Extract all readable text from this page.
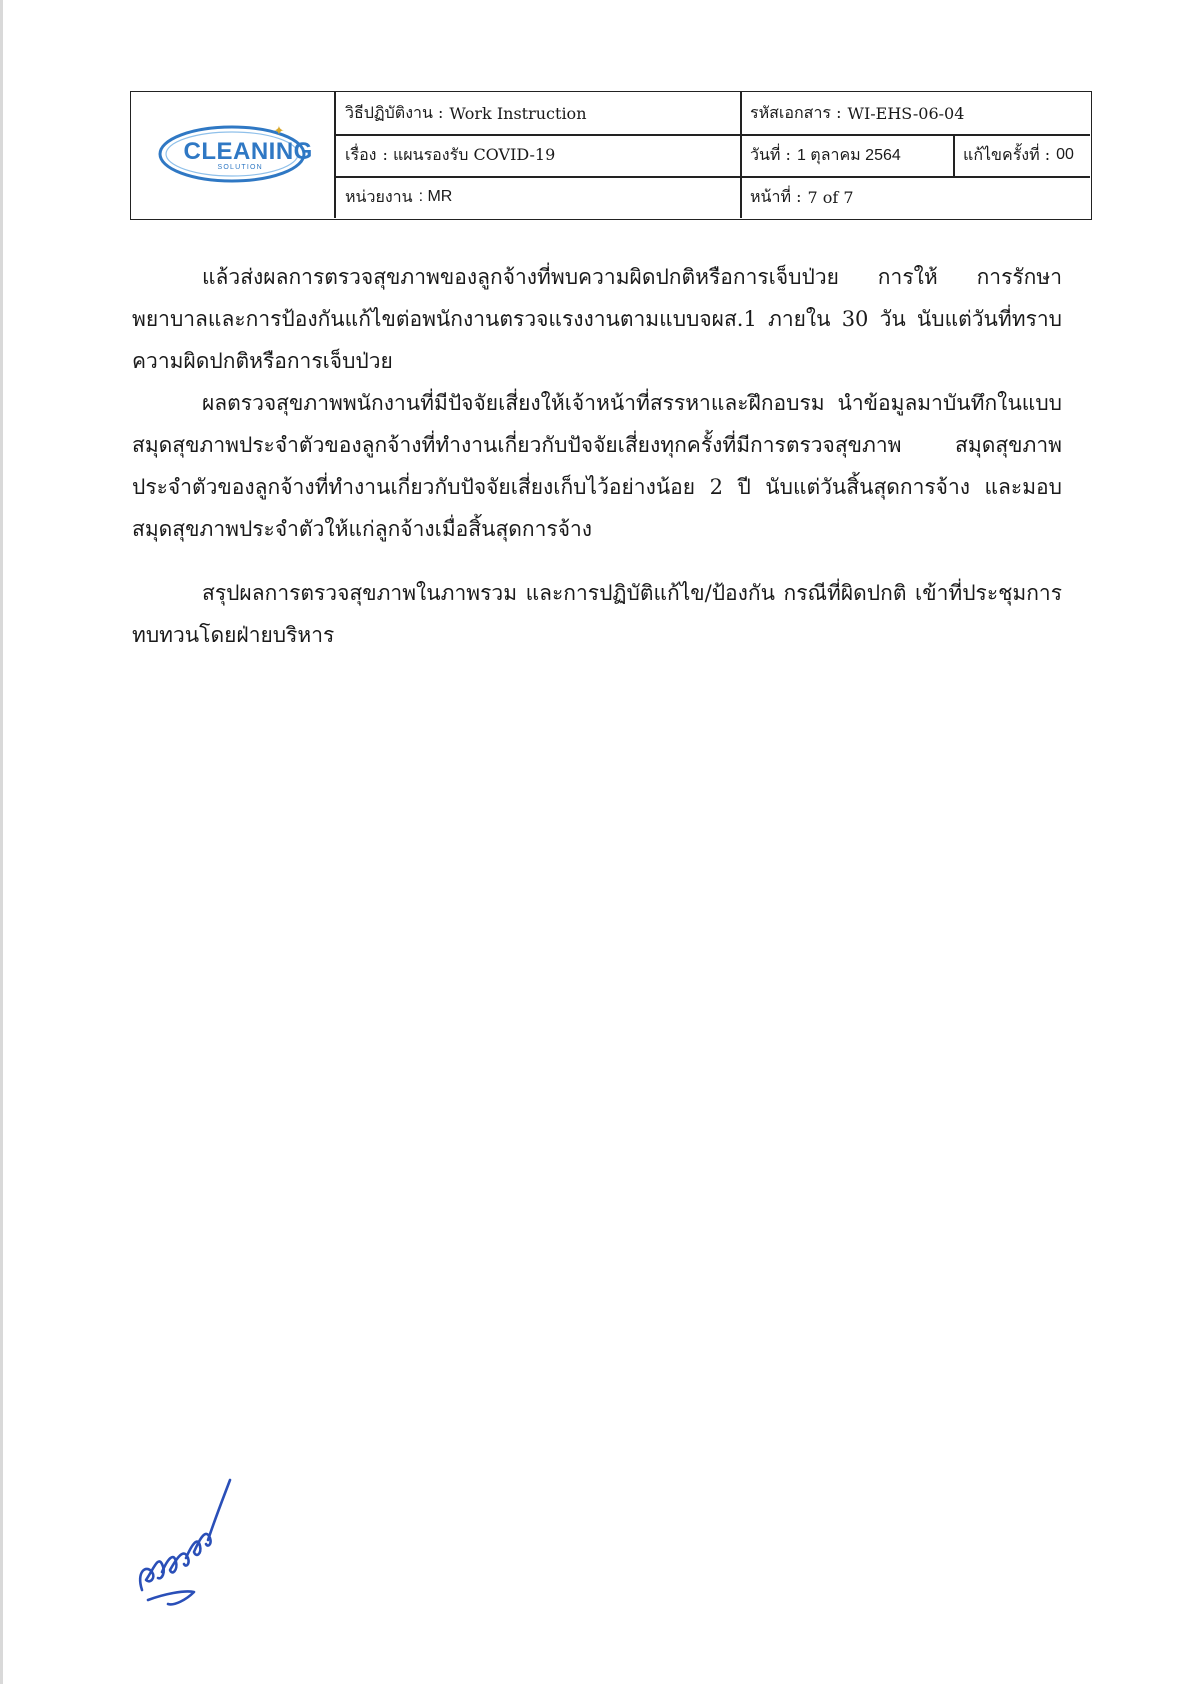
CLEANING
SOLUTION
✦
วิธีปฏิบัติงาน : Work Instruction	รหัสเอกสาร : WI-EHS-06-04
เรื่อง : แผนรองรับ COVID-19	วันที่ : 1 ตุลาคม 2564	แก้ไขครั้งที่ : 00
หน่วยงาน : MR	หน้าที่ : 7 of 7

แล้วส่งผลการตรวจสุขภาพของลูกจ้างที่พบความผิดปกติหรือการเจ็บป่วย การให้ การรักษาพยาบาลและการป้องกันแก้ไขต่อพนักงานตรวจแรงงานตามแบบจผส.1 ภายใน 30 วัน นับแต่วันที่ทราบความผิดปกติหรือการเจ็บป่วย

ผลตรวจสุขภาพพนักงานที่มีปัจจัยเสี่ยงให้เจ้าหน้าที่สรรหาและฝึกอบรม นำข้อมูลมาบันทึกในแบบสมุดสุขภาพประจำตัวของลูกจ้างที่ทำงานเกี่ยวกับปัจจัยเสี่ยงทุกครั้งที่มีการตรวจสุขภาพ สมุดสุขภาพประจำตัวของลูกจ้างที่ทำงานเกี่ยวกับปัจจัยเสี่ยงเก็บไว้อย่างน้อย 2 ปี นับแต่วันสิ้นสุดการจ้าง และมอบสมุดสุขภาพประจำตัวให้แก่ลูกจ้างเมื่อสิ้นสุดการจ้าง

สรุปผลการตรวจสุขภาพในภาพรวม และการปฏิบัติแก้ไข/ป้องกัน กรณีที่ผิดปกติ เข้าที่ประชุมการทบทวนโดยฝ่ายบริหาร
